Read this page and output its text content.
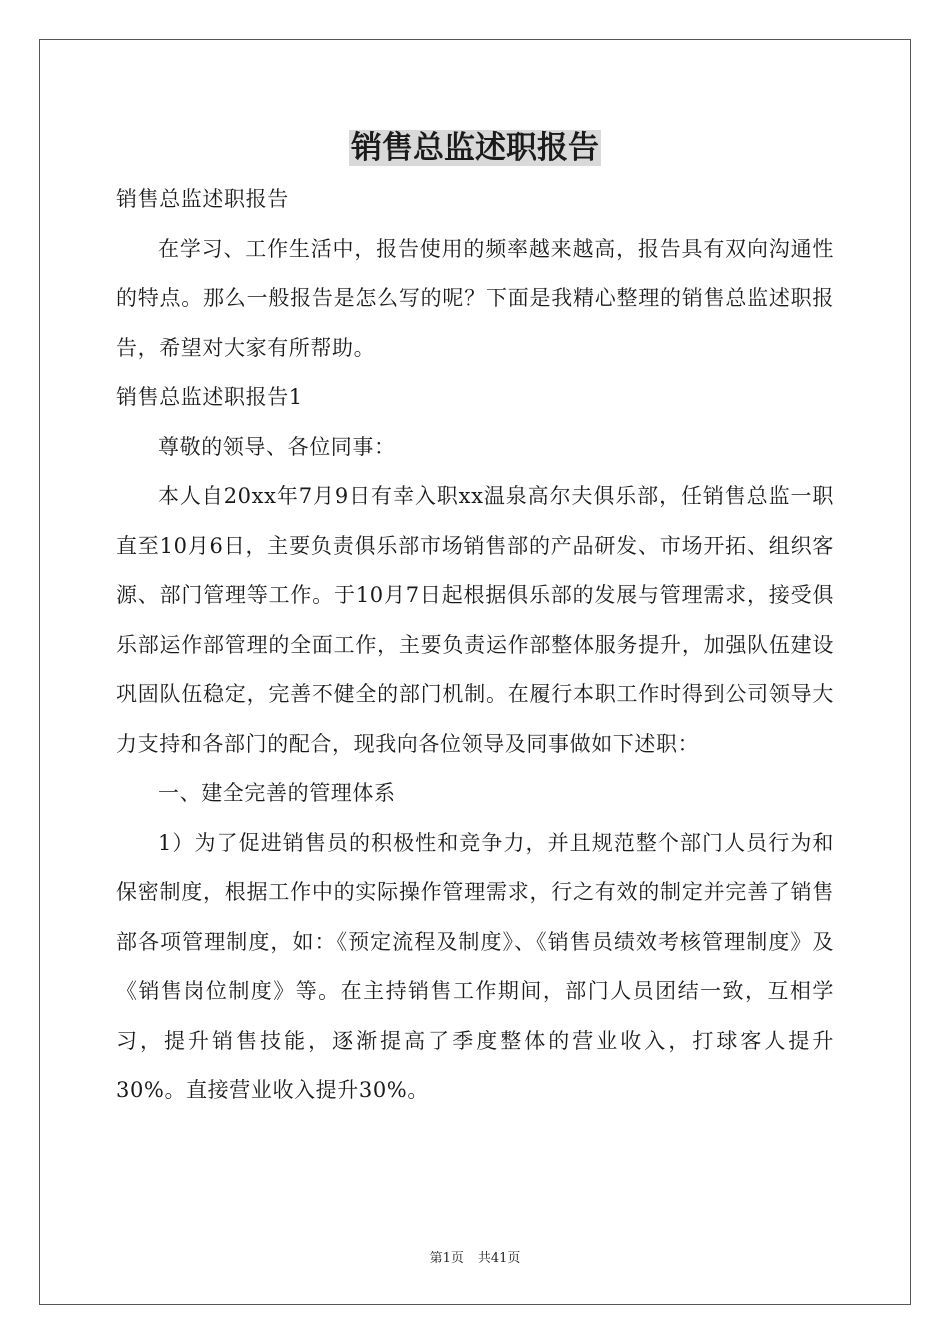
销售总监述职报告

销售总监述职报告

在学习、工作生活中，报告使用的频率越来越高，报告具有双向沟通性的特点。那么一般报告是怎么写的呢？下面是我精心整理的销售总监述职报告，希望对大家有所帮助。

销售总监述职报告1

尊敬的领导、各位同事：

本人自20xx年7月9日有幸入职xx温泉高尔夫俱乐部，任销售总监一职直至10月6日，主要负责俱乐部市场销售部的产品研发、市场开拓、组织客源、部门管理等工作。于10月7日起根据俱乐部的发展与管理需求，接受俱乐部运作部管理的全面工作，主要负责运作部整体服务提升，加强队伍建设巩固队伍稳定，完善不健全的部门机制。在履行本职工作时得到公司领导大力支持和各部门的配合，现我向各位领导及同事做如下述职：

一、建全完善的管理体系

1）为了促进销售员的积极性和竞争力，并且规范整个部门人员行为和保密制度，根据工作中的实际操作管理需求，行之有效的制定并完善了销售部各项管理制度，如：《预定流程及制度》、《销售员绩效考核管理制度》及《销售岗位制度》等。在主持销售工作期间，部门人员团结一致，互相学习，提升销售技能，逐渐提高了季度整体的营业收入，打球客人提升30%。直接营业收入提升30%。

第1页 共41页
